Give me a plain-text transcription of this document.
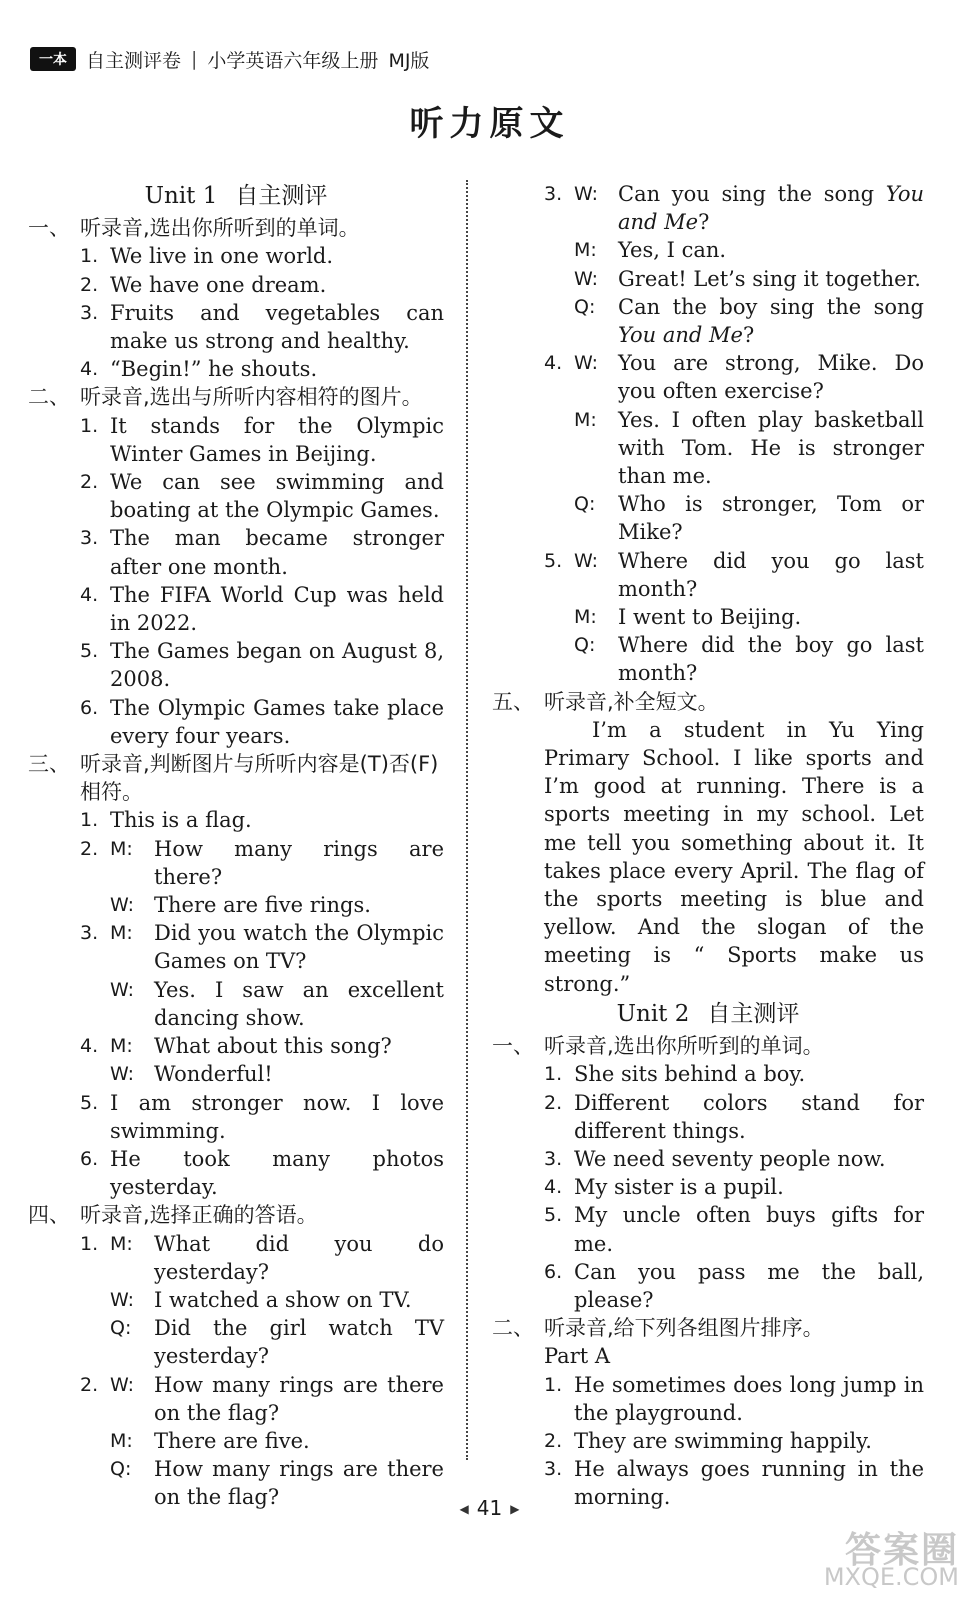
一本	自主测评卷 | 小学英语六年级上册 MJ版
听力原文
Unit 1 自主测评
一、 听录音,选出你所听到的单词。
1. We live in one world.
2. We have one dream.
3. Fruits and vegetables can make us strong and healthy.
4. “Begin!” he shouts.
二、 听录音,选出与所听内容相符的图片。
1. It stands for the Olympic Winter Games in Beijing.
2. We can see swimming and boating at the Olympic Games.
3. The man became stronger after one month.
4. The FIFA World Cup was held in 2022.
5. The Games began on August 8, 2008.
6. The Olympic Games take place every four years.
三、 听录音,判断图片与所听内容是(T)否(F)相符。
1. This is a flag.
2. M:	How many rings are there?
W: There are five rings.
3. M:	Did you watch the Olympic Games on TV?
W: Yes. I saw an excellent dancing show.
4. M:	What about this song?
W: Wonderful!
5. I am stronger now. I love swimming.
6. He took many photos yesterday.
四、 听录音,选择正确的答语。
1. M:	What did you do yesterday?
W: I watched a show on TV.
Q:	Did the girl watch TV yesterday?
2. W: How many rings are there on the flag?
M:	There are five.
Q:	How many rings are there on the flag?
3. W: Can you sing the song You and Me?
M:	Yes, I can.
W: Great! Let’s sing it together.
Q:	Can the boy sing the song You and Me?
4. W: You are strong, Mike. Do you often exercise?
M:	Yes. I often play basketball with Tom. He is stronger than me.
Q:	Who is stronger, Tom or Mike?
5. W: Where did you go last month?
M:	I went to Beijing.
Q:	Where did the boy go last month?
五、 听录音,补全短文。
I’m a student in Yu Ying Primary School. I like sports and I’m good at running. There is a sports meeting in my school. Let me tell you something about it. It takes place every April. The flag of the sports meeting is blue and yellow. And the slogan of the meeting is “ Sports make us strong.”
Unit 2 自主测评
一、 听录音,选出你所听到的单词。
1. She sits behind a boy.
2. Different colors stand for different things.
3. We need seventy people now.
4. My sister is a pupil.
5. My uncle often buys gifts for me.
6. Can you pass me the ball, please?
二、 听录音,给下列各组图片排序。
Part A
1. He sometimes does long jump in the playground.
2. They are swimming happily.
3. He always goes running in the morning.
◀ 41 ▶
答案圈
MXQE.COM
